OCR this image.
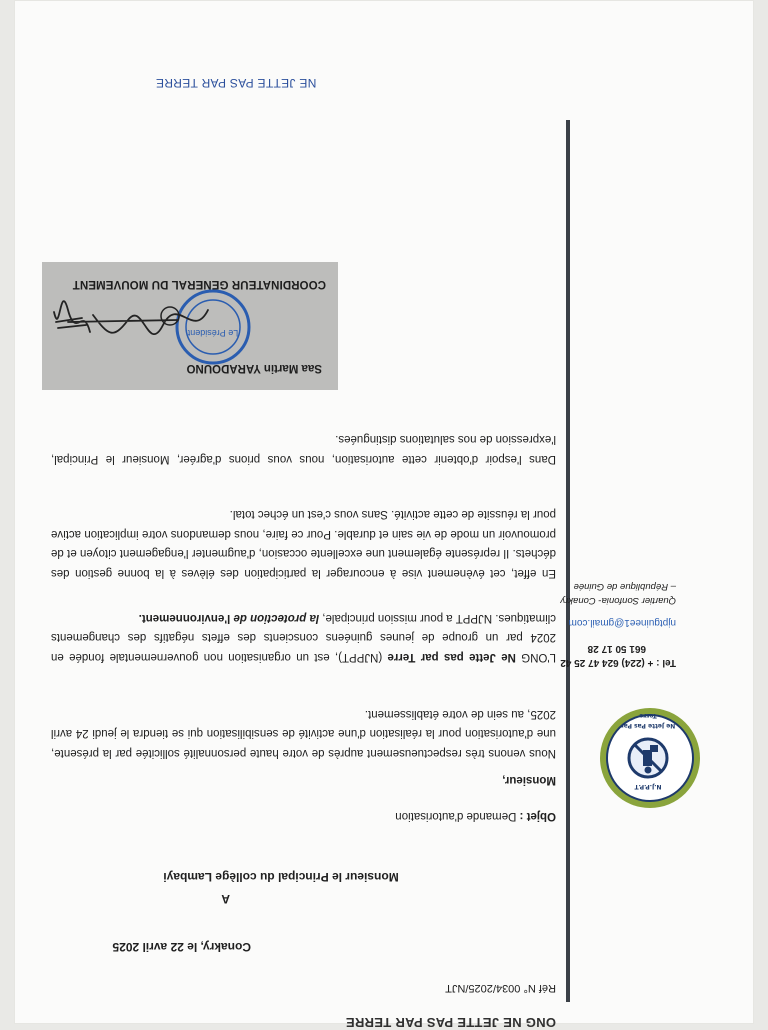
ONG NE JETTE PAS PAR TERRE
Réf N° 0034/2025/NJT
Conakry, le 22 avril 2025
A
Monsieur le Principal du collège Lambayi
Objet : Demande d'autorisation
Monsieur,
Nous venons très respectueusement auprès de votre haute personnalité sollicitée par la présente, une d'autorisation pour la réalisation d'une activité de sensibilisation qui se tiendra le jeudi 24 avril 2025, au sein de votre établissement.
L'ONG Ne Jette pas par Terre (NJPPT), est un organisation non gouvernementale fondée en 2024 par un groupe de jeunes guinéens conscients des effets négatifs des changements climatiques. NJPPT a pour mission principale, la protection de l'environnement.
En effet, cet évènement vise à encourager la participation des élèves à la bonne gestion des déchets. Il représente également une excellente occasion, d'augmenter l'engagement citoyen et de promouvoir un mode de vie sain et durable. Pour ce faire, nous demandons votre implication active pour la réussite de cette activité. Sans vous c'est un échec total.
Dans l'espoir d'obtenir cette autorisation, nous vous prions d'agréer, Monsieur le Principal, l'expression de nos salutations distinguées.
Saa Martin YARADOUNO
Le Président
COORDINATEUR GENERAL DU MOUVEMENT
NE JETTE PAS PAR TERRE
N.J.P.P.T
Ne Jette Pas Par Terre
Tel : + (224) 624 47 25 42
661 50 17 28
njptguinee1@gmail.com
Quartier Sonfonia- Conakry – République de Guinée
